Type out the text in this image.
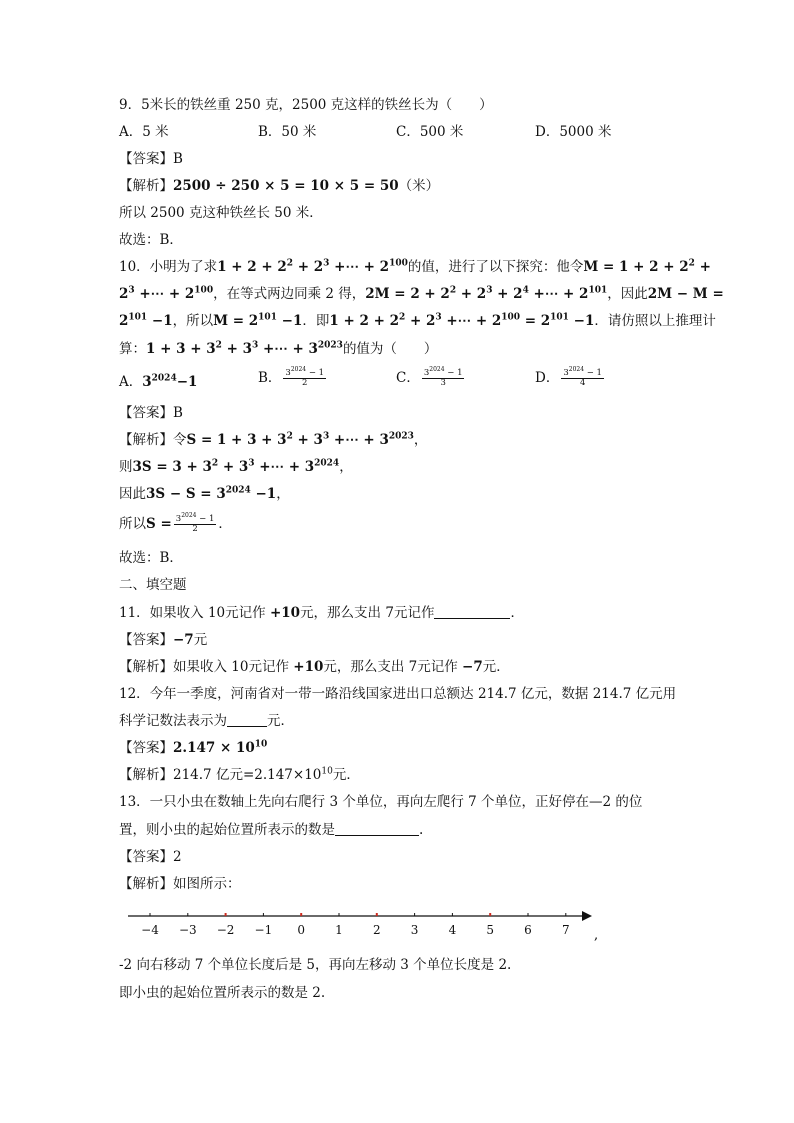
9．5米长的铁丝重 250 克，2500 克这样的铁丝长为（　　）
A．5 米	B．50 米	C．500 米	D．5000 米
【答案】B
【解析】2500 ÷ 250 × 5 = 10 × 5 = 50（米）
所以 2500 克这种铁丝长 50 米．
故选：B．
10．小明为了求$1 + 2 + 2^2 + 2^3$ +⋯ + $2^{100}$的值，进行了以下探究：他令$M = 1 + 2 + 2^2$ +
$2^3$ +⋯ + $2^{100}$，在等式两边同乘 2 得，$2M = 2 + 2^2 + 2^3 + 2^4$ +⋯ + $2^{101}$，因此2M − M =
$2^{101} -1$，所以$M = 2^{101} -1$．即$1 + 2 + 2^2 + 2^3$ +⋯ + $2^{100} = 2^{101} -1$．请仿照以上推理计
算：$1 + 3 + 3^2 + 3^3$ +⋯ + $3^{2023}$的值为（　　）
A．$3^{2024}-1$	B． $\frac{3^{2024} - 1}{2}$	C． $\frac{3^{2024} - 1}{3}$	D． $\frac{3^{2024} - 1}{4}$
【答案】B
【解析】令$S = 1 + 3 + 3^2 + 3^3$ +⋯ + $3^{2023}$，
则$3S = 3 + 3^2 + 3^3$ +⋯ + $3^{2024}$，
因此$3S - S = 3^{2024} -1$，
所以$S = \frac{3^{2024} - 1}{2}$ ．
故选：B．
二、填空题
11．如果收入 10元记作 +10元，那么支出 7元记作	．
【答案】−7元
【解析】如果收入 10元记作 +10元，那么支出 7元记作 −7元．
12．今年一季度，河南省对一带一路沿线国家进出口总额达 214.7 亿元，数据 214.7 亿元用
科学记数法表示为	元．
【答案】$2.147 \times 10^{10}$
【解析】214.7 亿元$=2.147\times 10^{10}$元．
13．一只小虫在数轴上先向右爬行 3 个单位，再向左爬行 7 个单位，正好停在—2 的位
置，则小虫的起始位置所表示的数是	.
【答案】2
【解析】如图所示：
−4 −3 −2 −1 0	1	2	3	4	5	6	7 ,
-2 向右移动 7 个单位长度后是 5，再向左移动 3 个单位长度是 2.
即小虫的起始位置所表示的数是 2.
